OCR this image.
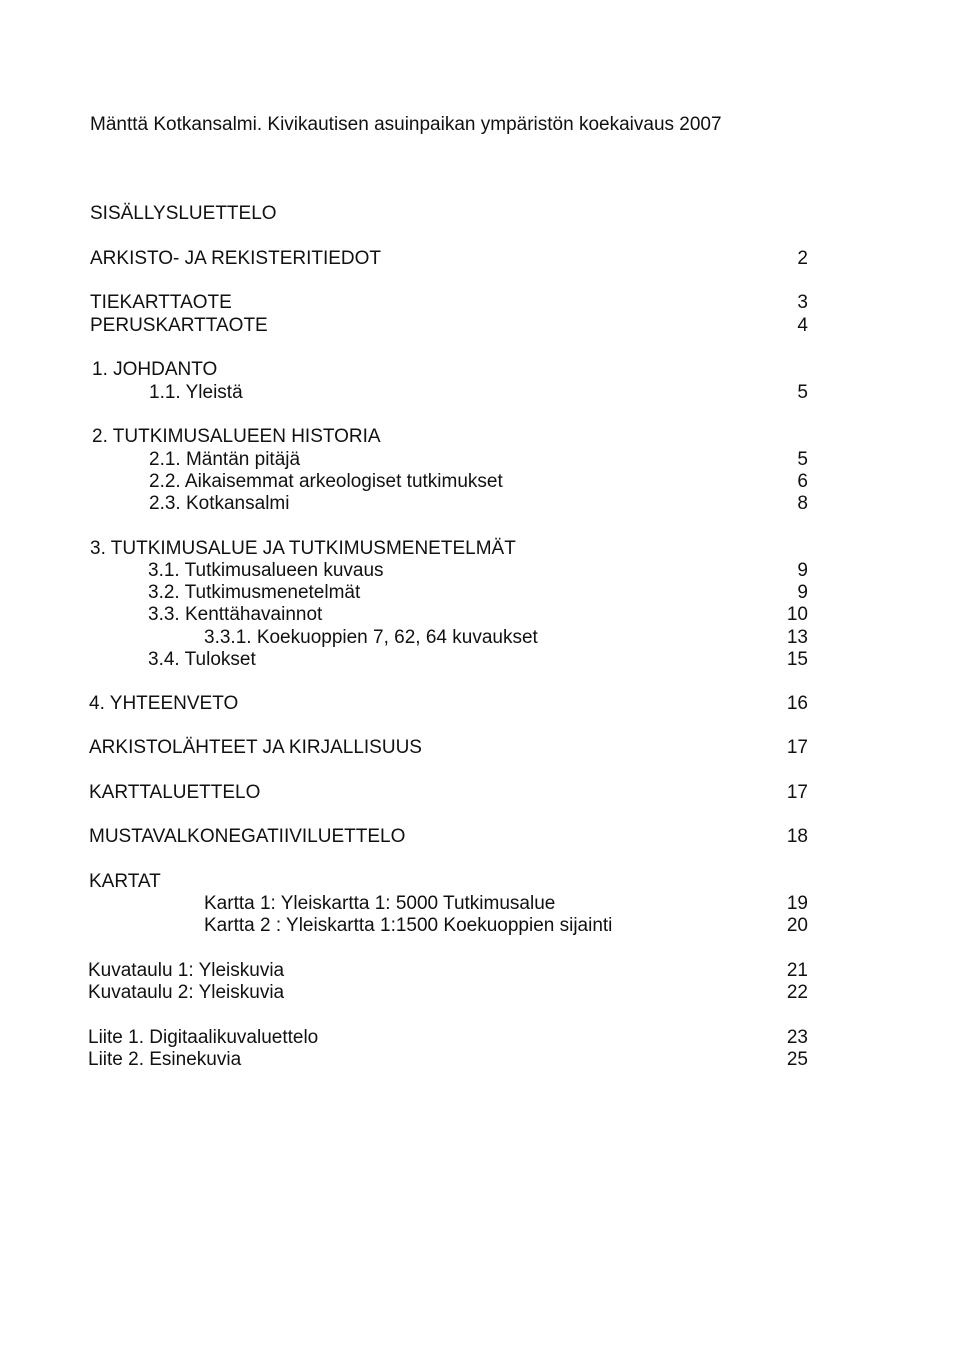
Mänttä Kotkansalmi. Kivikautisen asuinpaikan ympäristön koekaivaus 2007
SISÄLLYSLUETTELO
ARKISTO- JA REKISTERITIEDOT	2
TIEKARTTAOTE	3
PERUSKARTTAOTE	4
1. JOHDANTO
1.1. Yleistä	5
2. TUTKIMUSALUEEN HISTORIA
2.1. Mäntän pitäjä	5
2.2. Aikaisemmat arkeologiset tutkimukset	6
2.3. Kotkansalmi	8
3. TUTKIMUSALUE JA TUTKIMUSMENETELMÄT
3.1. Tutkimusalueen kuvaus	9
3.2. Tutkimusmenetelmät	9
3.3. Kenttähavainnot	10
3.3.1. Koekuoppien 7, 62, 64 kuvaukset	13
3.4. Tulokset	15
4. YHTEENVETO	16
ARKISTOLÄHTEET JA KIRJALLISUUS	17
KARTTALUETTELO	17
MUSTAVALKONEGATIIVILUETTELO	18
KARTAT
Kartta 1: Yleiskartta 1: 5000 Tutkimusalue	19
Kartta 2 : Yleiskartta 1:1500 Koekuoppien sijainti	20
Kuvataulu 1: Yleiskuvia	21
Kuvataulu 2: Yleiskuvia	22
Liite 1. Digitaalikuvaluettelo	23
Liite 2. Esinekuvia	25
